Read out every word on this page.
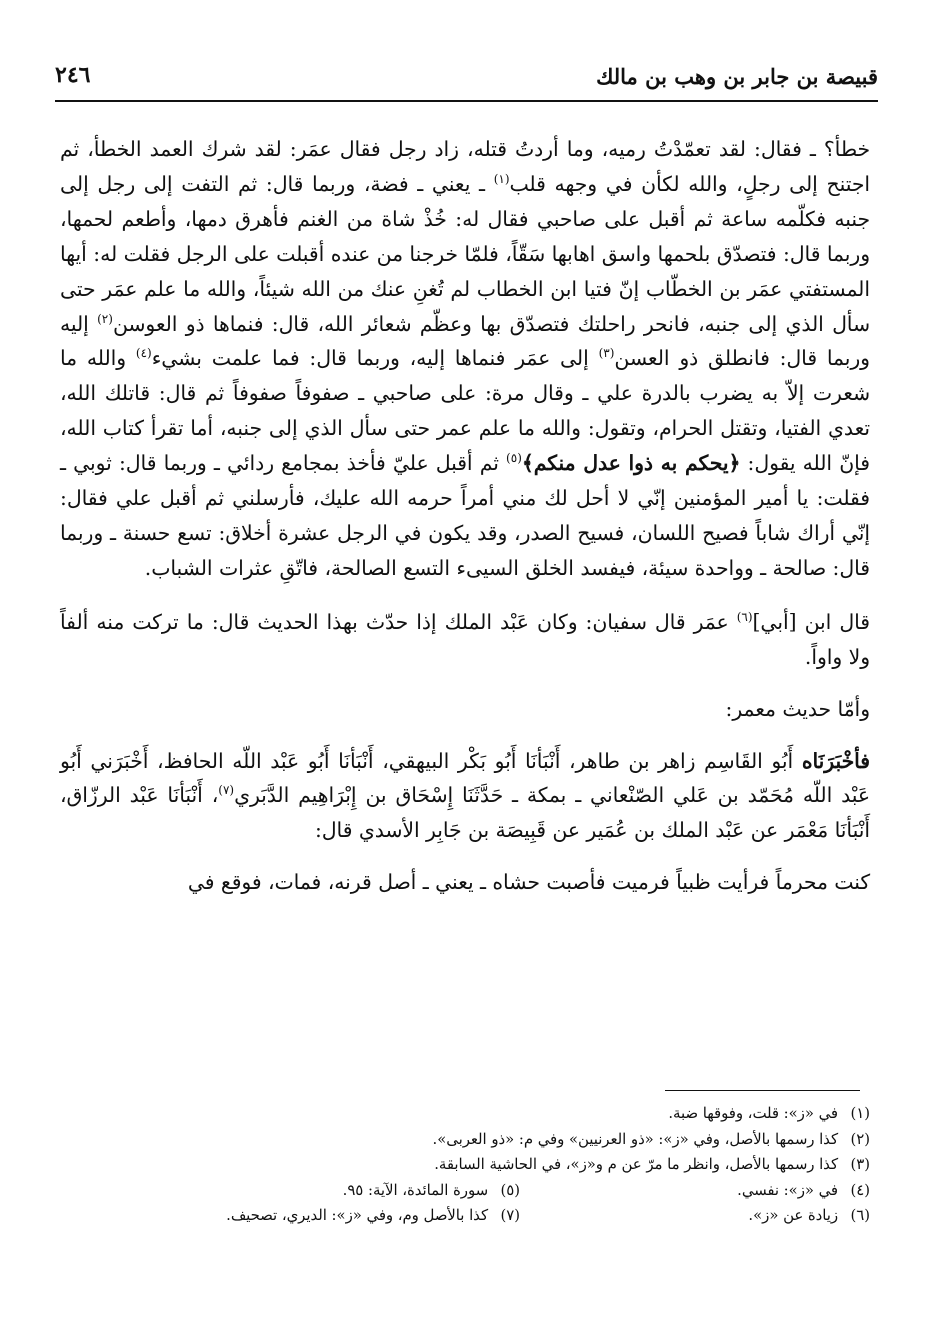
قبيصة بن جابر بن وهب بن مالك
٢٤٦

خطأ؟ ـ فقال: لقد تعمّدْتُ رميه، وما أردتُ قتله، زاد رجل فقال عمَر: لقد شرك العمد الخطأ، ثم اجتنح إلى رجلٍ، والله لكأن في وجهه قلب$^{(١)}$ ـ يعني ـ فضة، وربما قال: ثم التفت إلى رجل إلى جنبه فكلّمه ساعة ثم أقبل على صاحبي فقال له: خُذْ شاة من الغنم فأهرق دمها، وأطعم لحمها، وربما قال: فتصدّق بلحمها واسق اهابها سَقّاً، فلمّا خرجنا من عنده أقبلت على الرجل فقلت له: أيها المستفتي عمَر بن الخطّاب إنّ فتيا ابن الخطاب لم تُغنِ عنك من الله شيئاً، والله ما علم عمَر حتى سأل الذي إلى جنبه، فانحر راحلتك فتصدّق بها وعظّم شعائر الله، قال: فنماها ذو العوسن$^{(٢)}$ إليه وربما قال: فانطلق ذو العسن$^{(٣)}$ إلى عمَر فنماها إليه، وربما قال: فما علمت بشيء$^{(٤)}$ والله ما شعرت إلاّ به يضرب بالدرة علي ـ وقال مرة: على صاحبي ـ صفوفاً صفوفاً ثم قال: قاتلك الله، تعدي الفتيا، وتقتل الحرام، وتقول: والله ما علم عمر حتى سأل الذي إلى جنبه، أما تقرأ كتاب الله، فإنّ الله يقول: ﴿يحكم به ذوا عدل منكم﴾$^{(٥)}$ ثم أقبل عليّ فأخذ بمجامع ردائي ـ وربما قال: ثوبي ـ فقلت: يا أمير المؤمنين إنّي لا أحل لك مني أمراً حرمه الله عليك، فأرسلني ثم أقبل علي فقال: إنّي أراك شاباً فصيح اللسان، فسيح الصدر، وقد يكون في الرجل عشرة أخلاق: تسع حسنة ـ وربما قال: صالحة ـ وواحدة سيئة، فيفسد الخلق السيىء التسع الصالحة، فاتّقِ عثرات الشباب.

قال ابن [أبي]$^{(٦)}$ عمَر قال سفيان: وكان عَبْد الملك إذا حدّث بهذا الحديث قال: ما تركت منه ألفاً ولا واواً.

وأمّا حديث معمر:

فأخْبَرَنَاه أَبُو القَاسِم زاهر بن طاهر، أَنْبَأنَا أَبُو بَكْر البيهقي، أَنْبَأنَا أَبُو عَبْد اللّه الحافظ، أَخْبَرَني أَبُو عَبْد اللّه مُحَمّد بن عَلي الصّنْعاني ـ بمكة ـ حَدَّثَنَا إِسْحَاق بن إِبْرَاهِيم الدَّبَري$^{(٧)}$، أَنْبَأنَا عَبْد الرزّاق، أَنْبَأنَا مَعْمَر عن عَبْد الملك بن عُمَير عن قَبِيصَة بن جَابِر الأسدي قال:

كنت محرماً فرأيت ظبياً فرميت فأصبت حشاه ـ يعني ـ أصل قرنه، فمات، فوقع في

(١)في «ز»: قلت، وفوقها ضبة.
(٢)كذا رسمها بالأصل، وفي «ز»: «ذو العرنيين» وفي م: «ذو العربى».
(٣)كذا رسمها بالأصل، وانظر ما مرّ عن م و«ز»، في الحاشية السابقة.
(٤)في «ز»: نفسي.
(٥)سورة المائدة، الآية: ٩٥.
(٦)زيادة عن «ز».
(٧)كذا بالأصل وم، وفي «ز»: الديري، تصحيف.
